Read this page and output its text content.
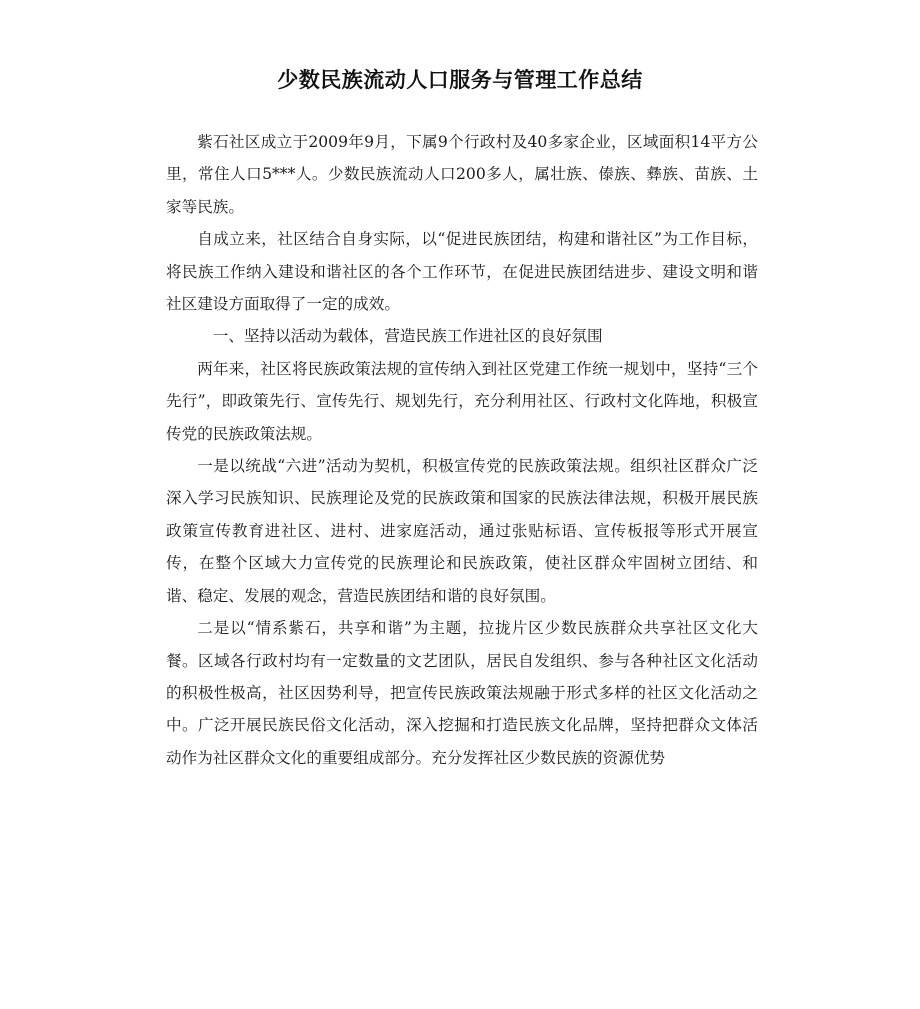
少数民族流动人口服务与管理工作总结

紫石社区成立于2009年9月，下属9个行政村及40多家企业，区域面积14平方公里，常住人口5***人。少数民族流动人口200多人，属壮族、傣族、彝族、苗族、土家等民族。

自成立来，社区结合自身实际，以“促进民族团结，构建和谐社区”为工作目标，将民族工作纳入建设和谐社区的各个工作环节，在促进民族团结进步、建设文明和谐社区建设方面取得了一定的成效。

一、坚持以活动为载体，营造民族工作进社区的良好氛围

两年来，社区将民族政策法规的宣传纳入到社区党建工作统一规划中，坚持“三个先行”，即政策先行、宣传先行、规划先行，充分利用社区、行政村文化阵地，积极宣传党的民族政策法规。

一是以统战“六进”活动为契机，积极宣传党的民族政策法规。组织社区群众广泛深入学习民族知识、民族理论及党的民族政策和国家的民族法律法规，积极开展民族政策宣传教育进社区、进村、进家庭活动，通过张贴标语、宣传板报等形式开展宣传，在整个区域大力宣传党的民族理论和民族政策，使社区群众牢固树立团结、和谐、稳定、发展的观念，营造民族团结和谐的良好氛围。

二是以“情系紫石，共享和谐”为主题，拉拢片区少数民族群众共享社区文化大餐。区域各行政村均有一定数量的文艺团队，居民自发组织、参与各种社区文化活动的积极性极高，社区因势利导，把宣传民族政策法规融于形式多样的社区文化活动之中。广泛开展民族民俗文化活动，深入挖掘和打造民族文化品牌，坚持把群众文体活动作为社区群众文化的重要组成部分。充分发挥社区少数民族的资源优势
